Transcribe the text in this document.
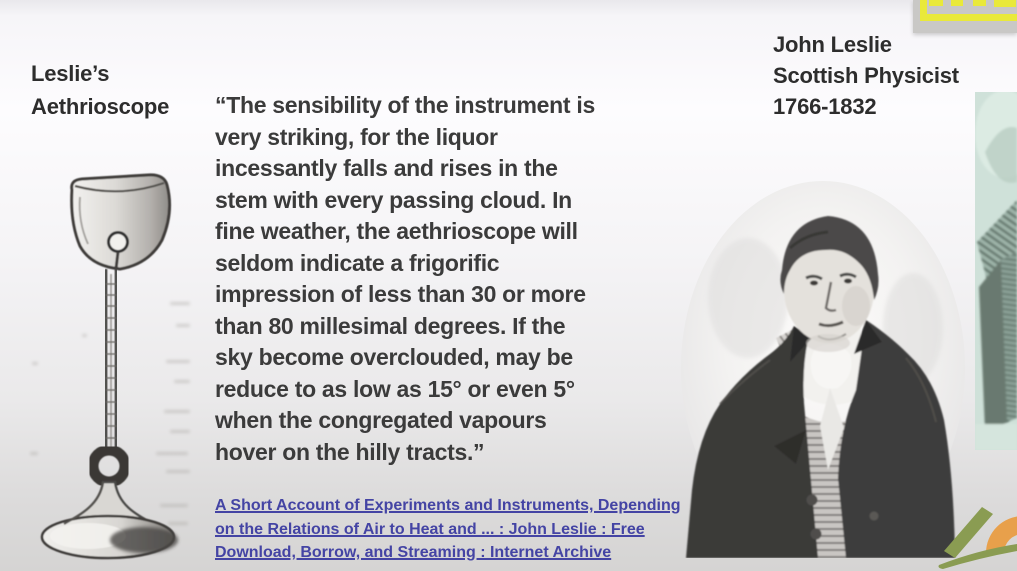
Leslie’s
Aethrioscope “The sensibility of the instrument is
very striking, for the liquor
incessantly falls and rises in the
stem with every passing cloud. In
fine weather, the aethrioscope will
seldom indicate a frigorific
impression of less than 30 or more
than 80 millesimal degrees. If the
sky become overclouded, may be
reduce to as low as 15° or even 5°
when the congregated vapours
hover on the hilly tracts.”
A Short Account of Experiments and Instruments, Depending
on the Relations of Air to Heat and ... : John Leslie : Free
Download, Borrow, and Streaming : Internet Archive
John Leslie
Scottish Physicist
1766-1832
